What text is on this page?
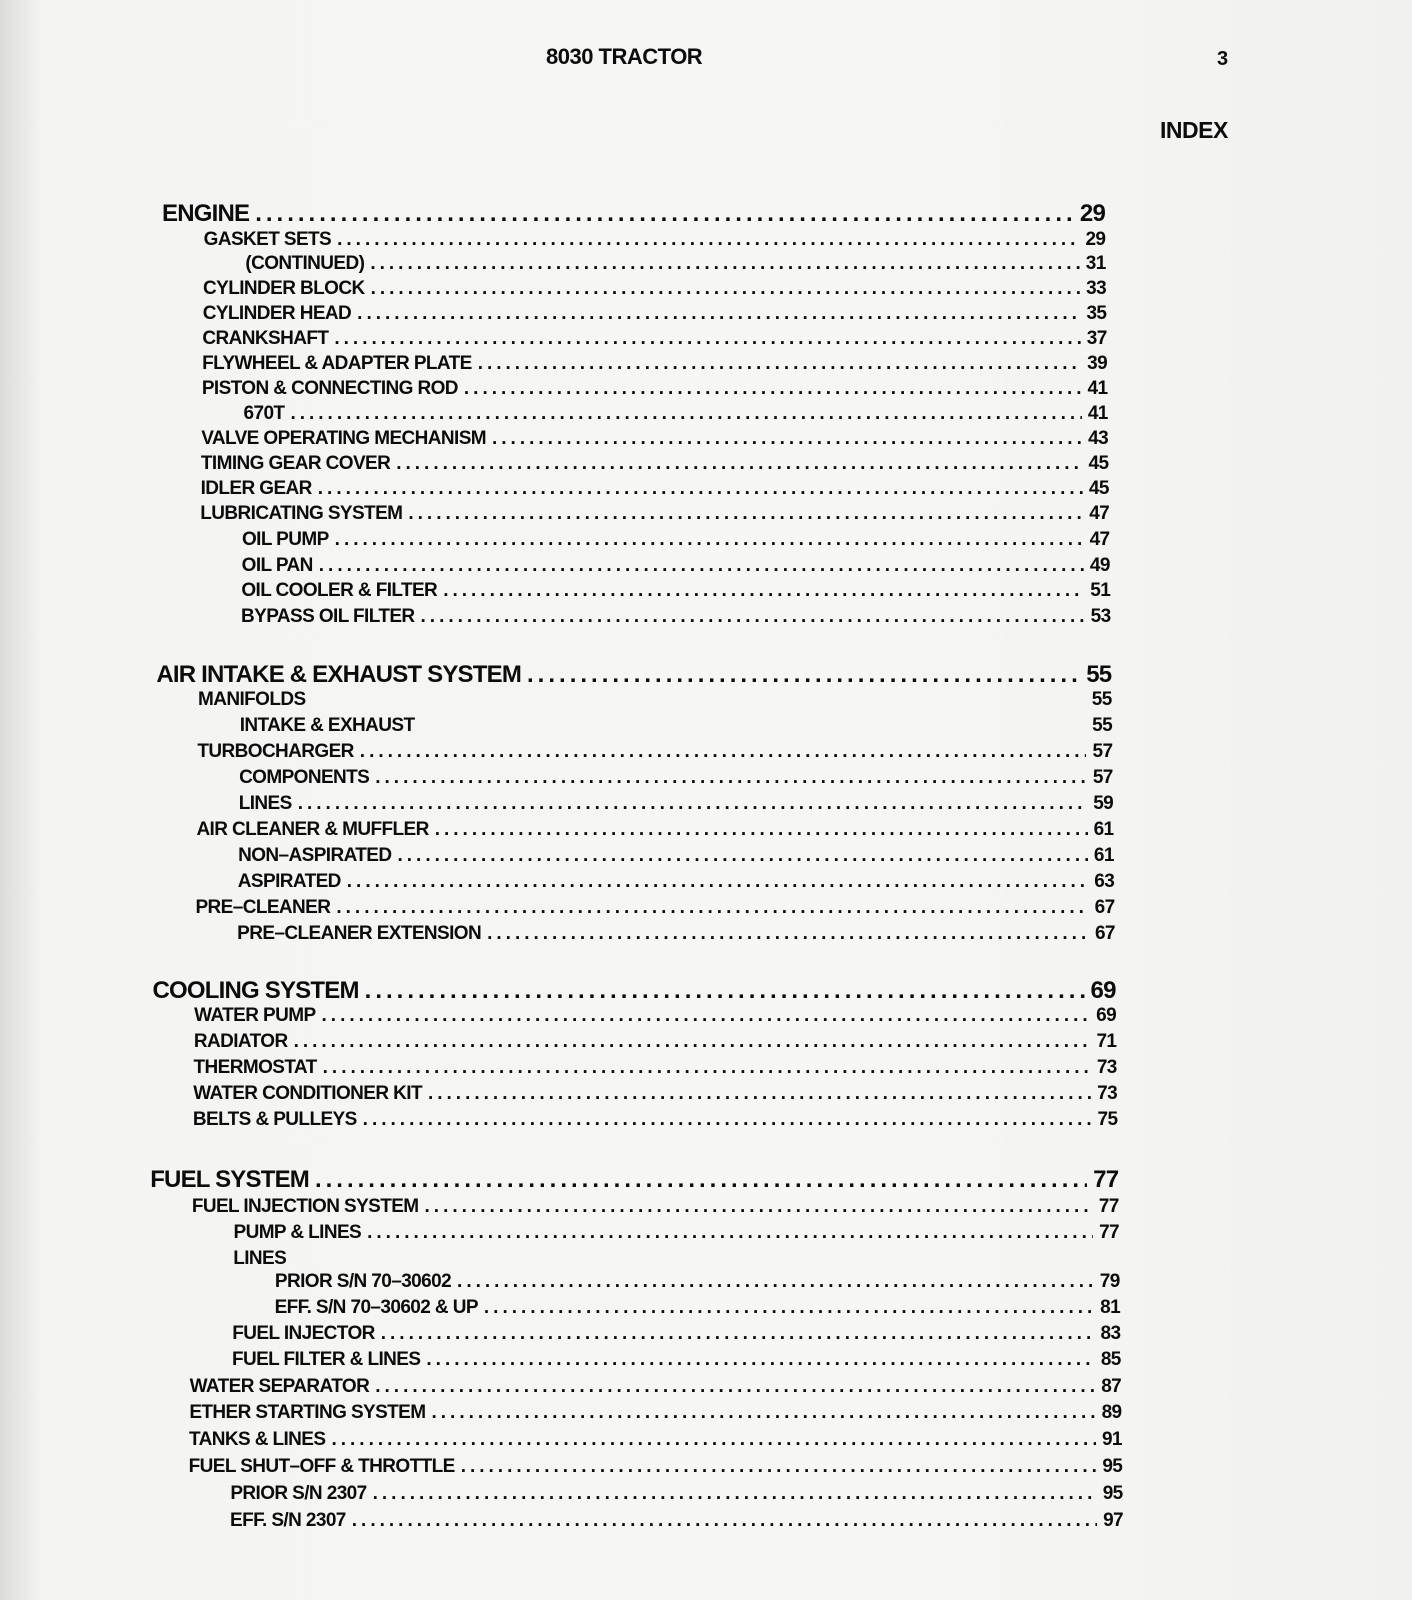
8030 TRACTOR	3
INDEX
ENGINE .....	29
GASKET SETS .....	29
(CONTINUED) .....	31
CYLINDER BLOCK .....	33
CYLINDER HEAD .....	35
CRANKSHAFT .....	37
FLYWHEEL & ADAPTER PLATE .....	39
PISTON & CONNECTING ROD .....	41
670T .....	41
VALVE OPERATING MECHANISM .....	43
TIMING GEAR COVER .....	45
IDLER GEAR .....	45
LUBRICATING SYSTEM .....	47
OIL PUMP .....	47
OIL PAN .....	49
OIL COOLER & FILTER .....	51
BYPASS OIL FILTER .....	53
AIR INTAKE & EXHAUST SYSTEM .....	55
MANIFOLDS	55
INTAKE & EXHAUST	55
TURBOCHARGER .....	57
COMPONENTS .....	57
LINES .....	59
AIR CLEANER & MUFFLER .....	61
NON–ASPIRATED .....	61
ASPIRATED .....	63
PRE–CLEANER .....	67
PRE–CLEANER EXTENSION .....	67
COOLING SYSTEM .....	69
WATER PUMP .....	69
RADIATOR .....	71
THERMOSTAT .....	73
WATER CONDITIONER KIT .....	73
BELTS & PULLEYS .....	75
FUEL SYSTEM .....	77
FUEL INJECTION SYSTEM .....	77
PUMP & LINES .....	77
LINES
PRIOR S/N 70–30602 .....	79
EFF. S/N 70–30602 & UP .....	81
FUEL INJECTOR .....	83
FUEL FILTER & LINES .....	85
WATER SEPARATOR .....	87
ETHER STARTING SYSTEM .....	89
TANKS & LINES .....	91
FUEL SHUT–OFF & THROTTLE .....	95
PRIOR S/N 2307 .....	95
EFF. S/N 2307 .....	97
